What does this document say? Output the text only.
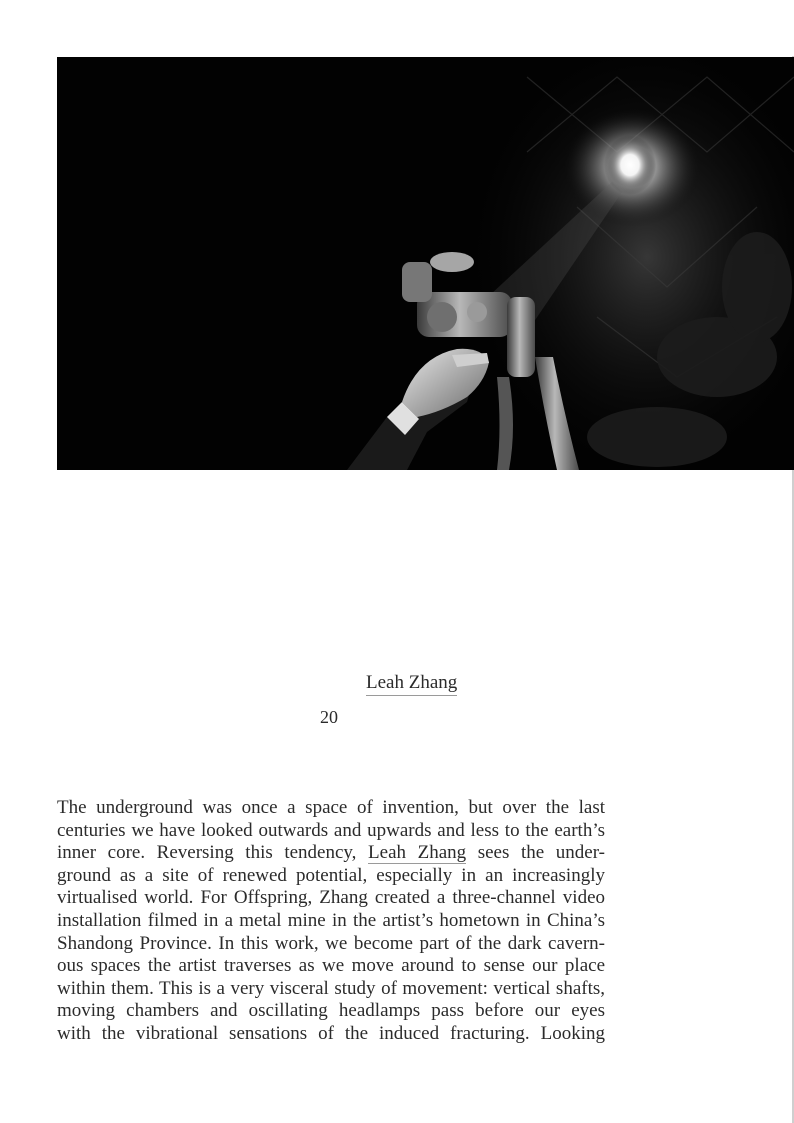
Leah Zhang
20
The underground was once a space of invention, but over the last
centuries we have looked outwards and upwards and less to the earth’s
inner core. Reversing this tendency, Leah Zhang sees the under-
ground as a site of renewed potential, especially in an increasingly
virtualised world. For Offspring, Zhang created a three-channel video
installation filmed in a metal mine in the artist’s hometown in China’s
Shandong Province. In this work, we become part of the dark cavern-
ous spaces the artist traverses as we move around to sense our place
within them. This is a very visceral study of movement: vertical shafts,
moving chambers and oscillating headlamps pass before our eyes
with the vibrational sensations of the induced fracturing. Looking
